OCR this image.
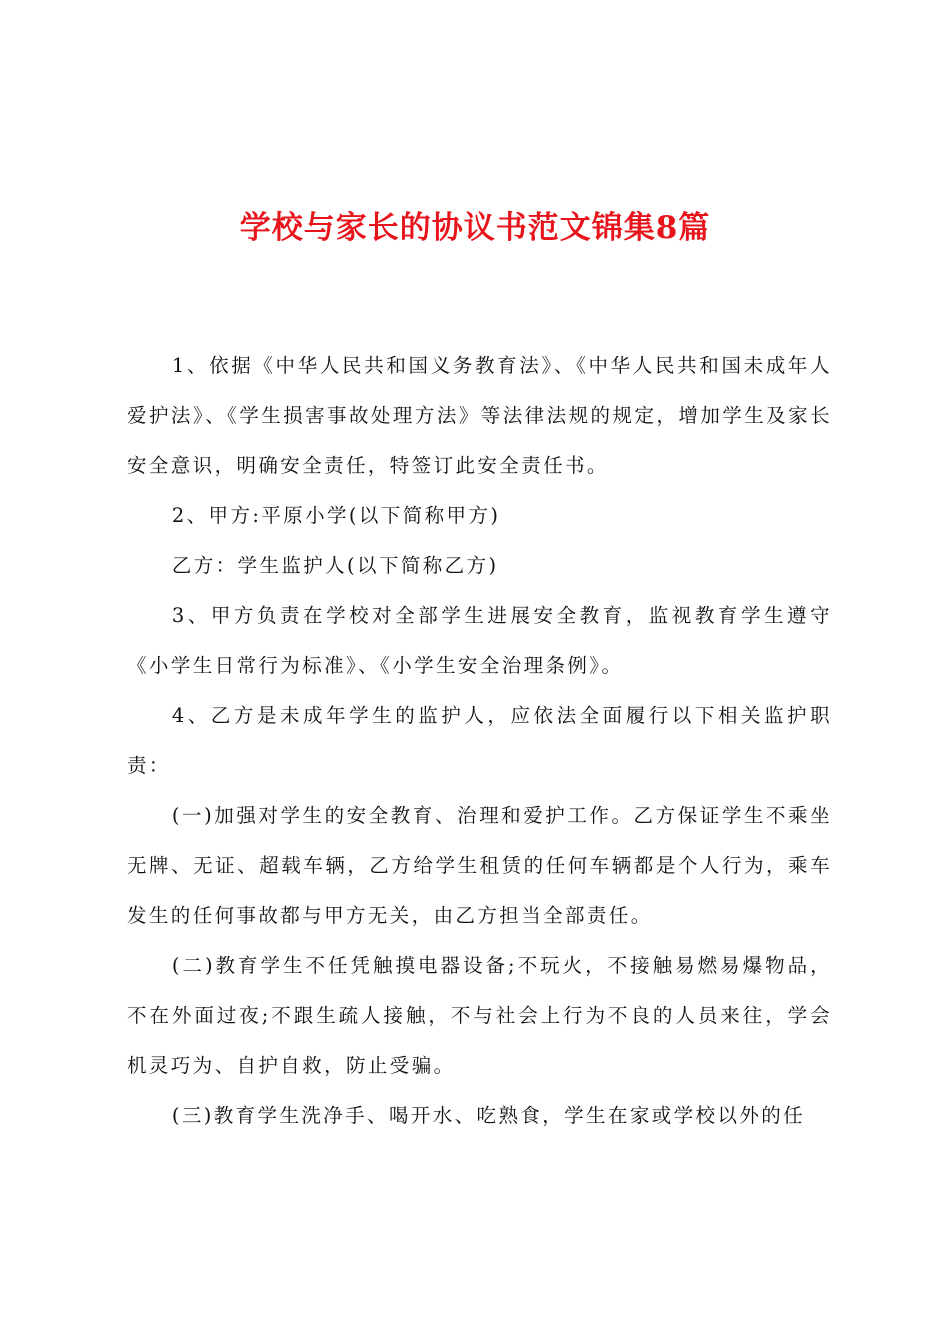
学校与家长的协议书范文锦集8篇

1、依据《中华人民共和国义务教育法》、《中华人民共和国未成年人爱护法》、《学生损害事故处理方法》等法律法规的规定，增加学生及家长安全意识，明确安全责任，特签订此安全责任书。

2、甲方:平原小学(以下简称甲方)

乙方：学生监护人(以下简称乙方)

3、甲方负责在学校对全部学生进展安全教育，监视教育学生遵守《小学生日常行为标准》、《小学生安全治理条例》。

4、乙方是未成年学生的监护人，应依法全面履行以下相关监护职责：

(一)加强对学生的安全教育、治理和爱护工作。乙方保证学生不乘坐无牌、无证、超载车辆，乙方给学生租赁的任何车辆都是个人行为，乘车发生的任何事故都与甲方无关，由乙方担当全部责任。

(二)教育学生不任凭触摸电器设备;不玩火，不接触易燃易爆物品，不在外面过夜;不跟生疏人接触，不与社会上行为不良的人员来往，学会机灵巧为、自护自救，防止受骗。

(三)教育学生洗净手、喝开水、吃熟食，学生在家或学校以外的任
